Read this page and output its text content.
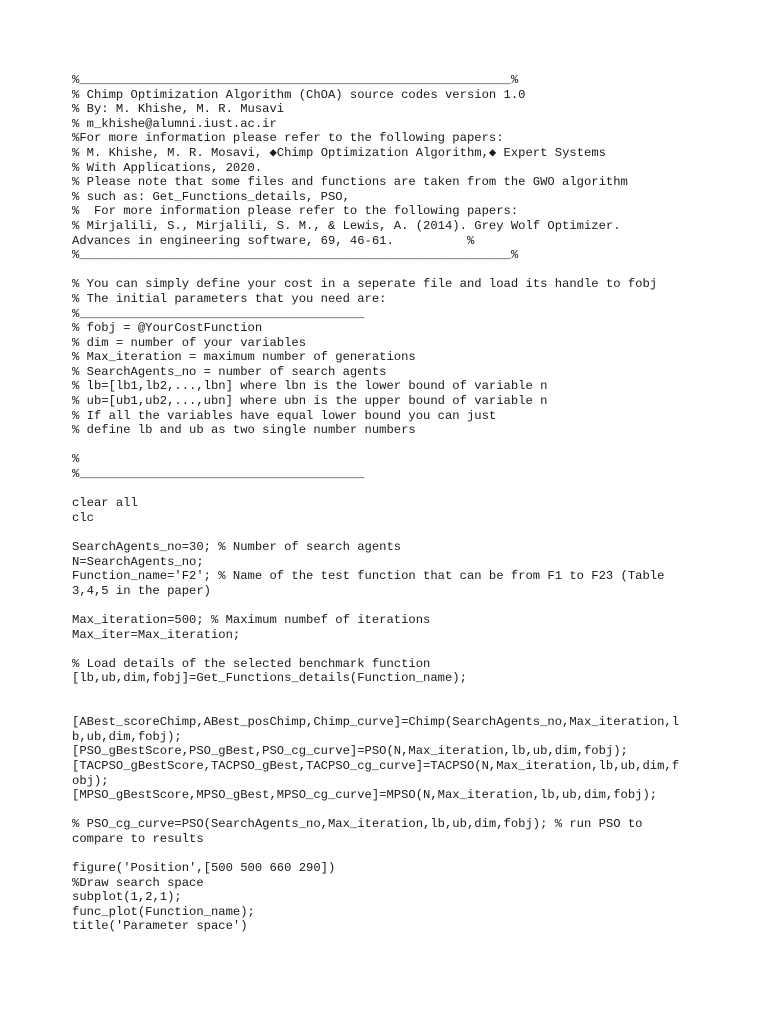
%___________________________________________________________%
% Chimp Optimization Algorithm (ChOA) source codes version 1.0
% By: M. Khishe, M. R. Musavi
% m_khishe@alumni.iust.ac.ir
%For more information please refer to the following papers:
% M. Khishe, M. R. Mosavi, ◆Chimp Optimization Algorithm,◆ Expert Systems
% With Applications, 2020.
% Please note that some files and functions are taken from the GWO algorithm
% such as: Get_Functions_details, PSO,
%  For more information please refer to the following papers:
% Mirjalili, S., Mirjalili, S. M., & Lewis, A. (2014). Grey Wolf Optimizer.
Advances in engineering software, 69, 46-61.          %
%___________________________________________________________%
% You can simply define your cost in a seperate file and load its handle to fobj
% The initial parameters that you need are:
%_______________________________________
% fobj = @YourCostFunction
% dim = number of your variables
% Max_iteration = maximum number of generations
% SearchAgents_no = number of search agents
% lb=[lb1,lb2,...,lbn] where lbn is the lower bound of variable n
% ub=[ub1,ub2,...,ubn] where ubn is the upper bound of variable n
% If all the variables have equal lower bound you can just
% define lb and ub as two single number numbers
%
%_______________________________________
clear all
clc
SearchAgents_no=30; % Number of search agents
N=SearchAgents_no;
Function_name='F2'; % Name of the test function that can be from F1 to F23 (Table
3,4,5 in the paper)
Max_iteration=500; % Maximum numbef of iterations
Max_iter=Max_iteration;
% Load details of the selected benchmark function
[lb,ub,dim,fobj]=Get_Functions_details(Function_name);
[ABest_scoreChimp,ABest_posChimp,Chimp_curve]=Chimp(SearchAgents_no,Max_iteration,l
b,ub,dim,fobj);
[PSO_gBestScore,PSO_gBest,PSO_cg_curve]=PSO(N,Max_iteration,lb,ub,dim,fobj);
[TACPSO_gBestScore,TACPSO_gBest,TACPSO_cg_curve]=TACPSO(N,Max_iteration,lb,ub,dim,f
obj);
[MPSO_gBestScore,MPSO_gBest,MPSO_cg_curve]=MPSO(N,Max_iteration,lb,ub,dim,fobj);
% PSO_cg_curve=PSO(SearchAgents_no,Max_iteration,lb,ub,dim,fobj); % run PSO to
compare to results
figure('Position',[500 500 660 290])
%Draw search space
subplot(1,2,1);
func_plot(Function_name);
title('Parameter space')
